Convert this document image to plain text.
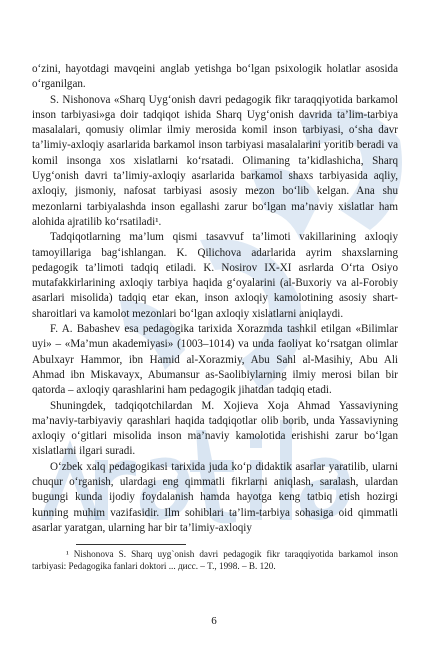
o‘zini, hayotdagi mavqeini anglab yetishga bo‘lgan psixologik holatlar asosida o‘rganilgan.

S. Nishonova «Sharq Uyg‘onish davri pedagogik fikr taraqqiyotida barkamol inson tarbiyasi»ga doir tadqiqot ishida Sharq Uyg‘onish davrida ta’lim-tarbiya masalalari, qomusiy olimlar ilmiy merosida komil inson tarbiyasi, o‘sha davr ta’limiy-axloqiy asarlarida barkamol inson tarbiyasi masalalarini yoritib beradi va komil insonga xos xislatlarni ko‘rsatadi. Olimaning ta’kidlashicha, Sharq Uyg‘onish davri ta’limiy-axloqiy asarlarida barkamol shaxs tarbiyasida aqliy, axloqiy, jismoniy, nafosat tarbiyasi asosiy mezon bo‘lib kelgan. Ana shu mezonlarni tarbiyalashda inson egallashi zarur bo‘lgan ma’naviy xislatlar ham alohida ajratilib ko‘rsatiladi¹.

Tadqiqotlarning ma’lum qismi tasavvuf ta’limoti vakillarining axloqiy tamoyillariga bag‘ishlangan. K. Qilichova adarlarida ayrim shaxslarning pedagogik ta’limoti tadqiq etiladi. K. Nosirov IX-XI asrlarda O‘rta Osiyo mutafakkirlarining axloqiy tarbiya haqida g‘oyalarini (al-Buxoriy va al-Forobiy asarlari misolida) tadqiq etar ekan, inson axloqiy kamolotining asosiy shart-sharoitlari va kamolot mezonlari bo‘lgan axloqiy xislatlarni aniqlaydi.

F. A. Babashev esa pedagogika tarixida Xorazmda tashkil etilgan «Bilimlar uyi» – «Ma’mun akademiyasi» (1003–1014) va unda faoliyat ko‘rsatgan olimlar Abulxayr Hammor, ibn Hamid al-Xorazmiy, Abu Sahl al-Masihiy, Abu Ali Ahmad ibn Miskavayx, Abumansur as-Saolibiylarning ilmiy merosi bilan bir qatorda – axloqiy qarashlarini ham pedagogik jihatdan tadqiq etadi.

Shuningdek, tadqiqotchilardan M. Xojieva Xoja Ahmad Yassaviyning ma’naviy-tarbiyaviy qarashlari haqida tadqiqotlar olib borib, unda Yassaviyning axloqiy o‘gitlari misolida inson ma’naviy kamolotida erishishi zarur bo‘lgan xislatlarni ilgari suradi.

O‘zbek xalq pedagogikasi tarixida juda ko‘p didaktik asarlar yaratilib, ularni chuqur o‘rganish, ulardagi eng qimmatli fikrlarni aniqlash, saralash, ulardan bugungi kunda ijodiy foydalanish hamda hayotga keng tatbiq etish hozirgi kunning muhim vazifasidir. Ilm sohiblari ta’lim-tarbiya sohasiga oid qimmatli asarlar yaratgan, ularning har bir ta’limiy-axloqiy

¹ Nishonova S. Sharq uyg`onish davri pedagogik fikr taraqqiyotida barkamol inson tarbiyasi: Pedagogika fanlari doktori ... дисс. – T., 1998. – B. 120.
6
